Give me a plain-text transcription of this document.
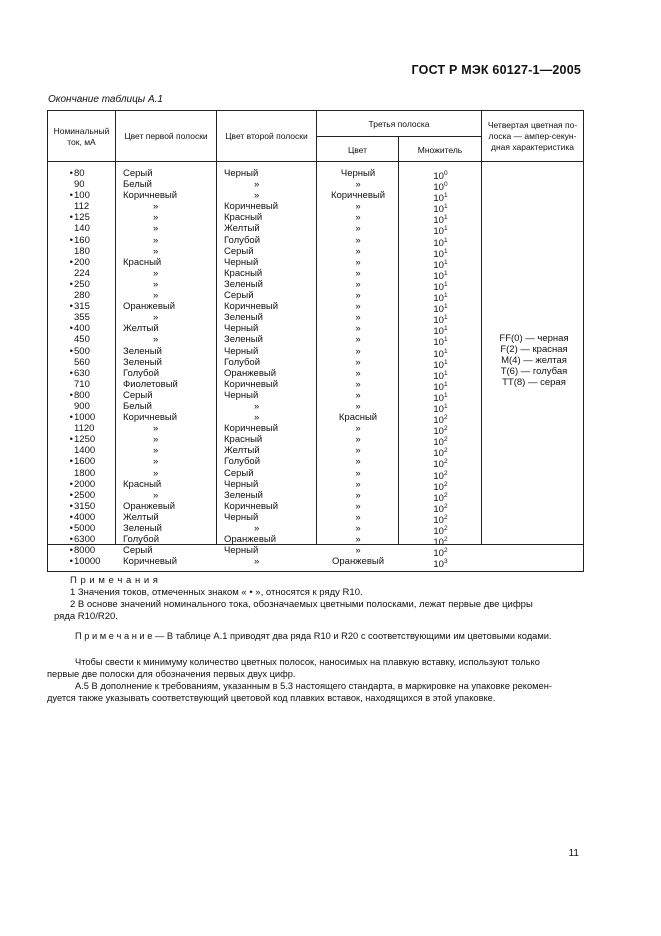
ГОСТ Р МЭК 60127-1—2005
Окончание таблицы А.1
Номинальный
ток, мА
Цвет первой полоски	Цвет второй полоски
Третья полоска
Цвет	Множитель
Четвертая цветная по-
лоска — ампер-секун-
дная характеристика
•80
90
•100
112
•125
140
•160
180
•200
224
•250
280
•315
355
•400
450
•500
560
•630
710
•800
900
•1000
1120
•1250
1400
•1600
1800
•2000
•2500
•3150
•4000
•5000
•6300
•8000
•10000
Серый
Белый
Коричневый
»
»
»
»
»
Красный
»
»
»
Оранжевый
»
Желтый
»
Зеленый
Зеленый
Голубой
Фиолетовый
Серый
Белый
Коричневый
»
»
»
»
»
Красный
»
Оранжевый
Желтый
Зеленый
Голубой
Серый
Коричневый
Черный
»
»
Коричневый
Красный
Желтый
Голубой
Серый
Черный
Красный
Зеленый
Серый
Коричневый
Зеленый
Черный
Зеленый
Черный
Голубой
Оранжевый
Коричневый
Черный
»
»
Коричневый
Красный
Желтый
Голубой
Серый
Черный
Зеленый
Коричневый
Черный
»
Оранжевый
Черный
»
Черный
»
Коричневый
»
»
»
»
»
»
»
»
»
»
»
»
»
»
»
»
»
»
»
Красный
»
»
»
»
»
»
»
»
»
»
»
»
Оранжевый
$10^0$
$10^0$
$10^1$
$10^1$
$10^1$
$10^1$
$10^1$
$10^1$
$10^1$
$10^1$
$10^1$
$10^1$
$10^1$
$10^1$
$10^1$
$10^1$
$10^1$
$10^1$
$10^1$
$10^1$
$10^1$
$10^1$
$10^2$
$10^2$
$10^2$
$10^2$
$10^2$
$10^2$
$10^2$
$10^2$
$10^2$
$10^2$
$10^2$
$10^2$
$10^2$
$10^3$
FF(0) — черная
F(2) — красная
M(4) — желтая
T(6) — голубая
TT(8) — серая
П р и м е ч а н и я
1 Значения токов, отмеченных знаком « • », относятся к ряду R10.
2 В основе значений номинального тока, обозначаемых цветными полосками, лежат первые две цифры
ряда R10/R20.
П р и м е ч а н и е — В таблице А.1 приводят два ряда R10 и R20 с соответствующими им цветовыми кодами.
Чтобы свести к минимуму количество цветных полосок, наносимых на плавкую вставку, используют только
первые две полоски для обозначения первых двух цифр.
А.5 В дополнение к требованиям, указанным в 5.3 настоящего стандарта, в маркировке на упаковке рекомен-
дуется также указывать соответствующий цветовой код плавких вставок, находящихся в этой упаковке.
11
